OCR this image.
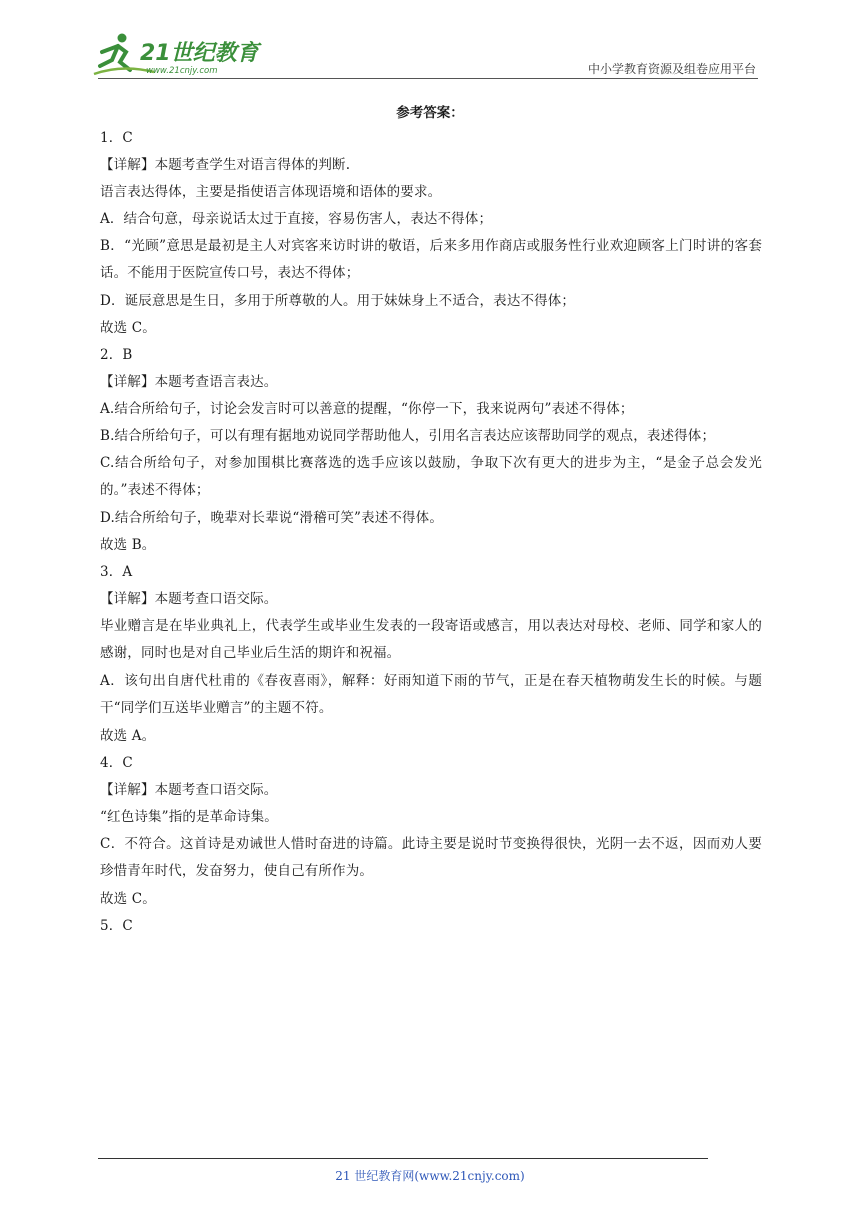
21世纪教育
www.21cnjy.com	中小学教育资源及组卷应用平台
参考答案：

1．C

【详解】本题考查学生对语言得体的判断.

语言表达得体，主要是指使语言体现语境和语体的要求。

A．结合句意，母亲说话太过于直接，容易伤害人，表达不得体；

B．“光顾”意思是最初是主人对宾客来访时讲的敬语，后来多用作商店或服务性行业欢迎顾客上门时讲的客套话。不能用于医院宣传口号，表达不得体；

D．诞辰意思是生日，多用于所尊敬的人。用于妹妹身上不适合，表达不得体；

故选 C。

2．B

【详解】本题考查语言表达。

A.结合所给句子，讨论会发言时可以善意的提醒，“你停一下，我来说两句”表述不得体；

B.结合所给句子，可以有理有据地劝说同学帮助他人，引用名言表达应该帮助同学的观点，表述得体；

C.结合所给句子，对参加围棋比赛落选的选手应该以鼓励，争取下次有更大的进步为主，“是金子总会发光的。”表述不得体；

D.结合所给句子，晚辈对长辈说“滑稽可笑”表述不得体。

故选 B。

3．A

【详解】本题考查口语交际。

毕业赠言是在毕业典礼上，代表学生或毕业生发表的一段寄语或感言，用以表达对母校、老师、同学和家人的感谢，同时也是对自己毕业后生活的期许和祝福。

A．该句出自唐代杜甫的《春夜喜雨》，解释：好雨知道下雨的节气，正是在春天植物萌发生长的时候。与题干“同学们互送毕业赠言”的主题不符。

故选 A。

4．C

【详解】本题考查口语交际。

“红色诗集”指的是革命诗集。

C．不符合。这首诗是劝诫世人惜时奋进的诗篇。此诗主要是说时节变换得很快，光阴一去不返，因而劝人要珍惜青年时代，发奋努力，使自己有所作为。

故选 C。

5．C

21 世纪教育网(www.21cnjy.com)
